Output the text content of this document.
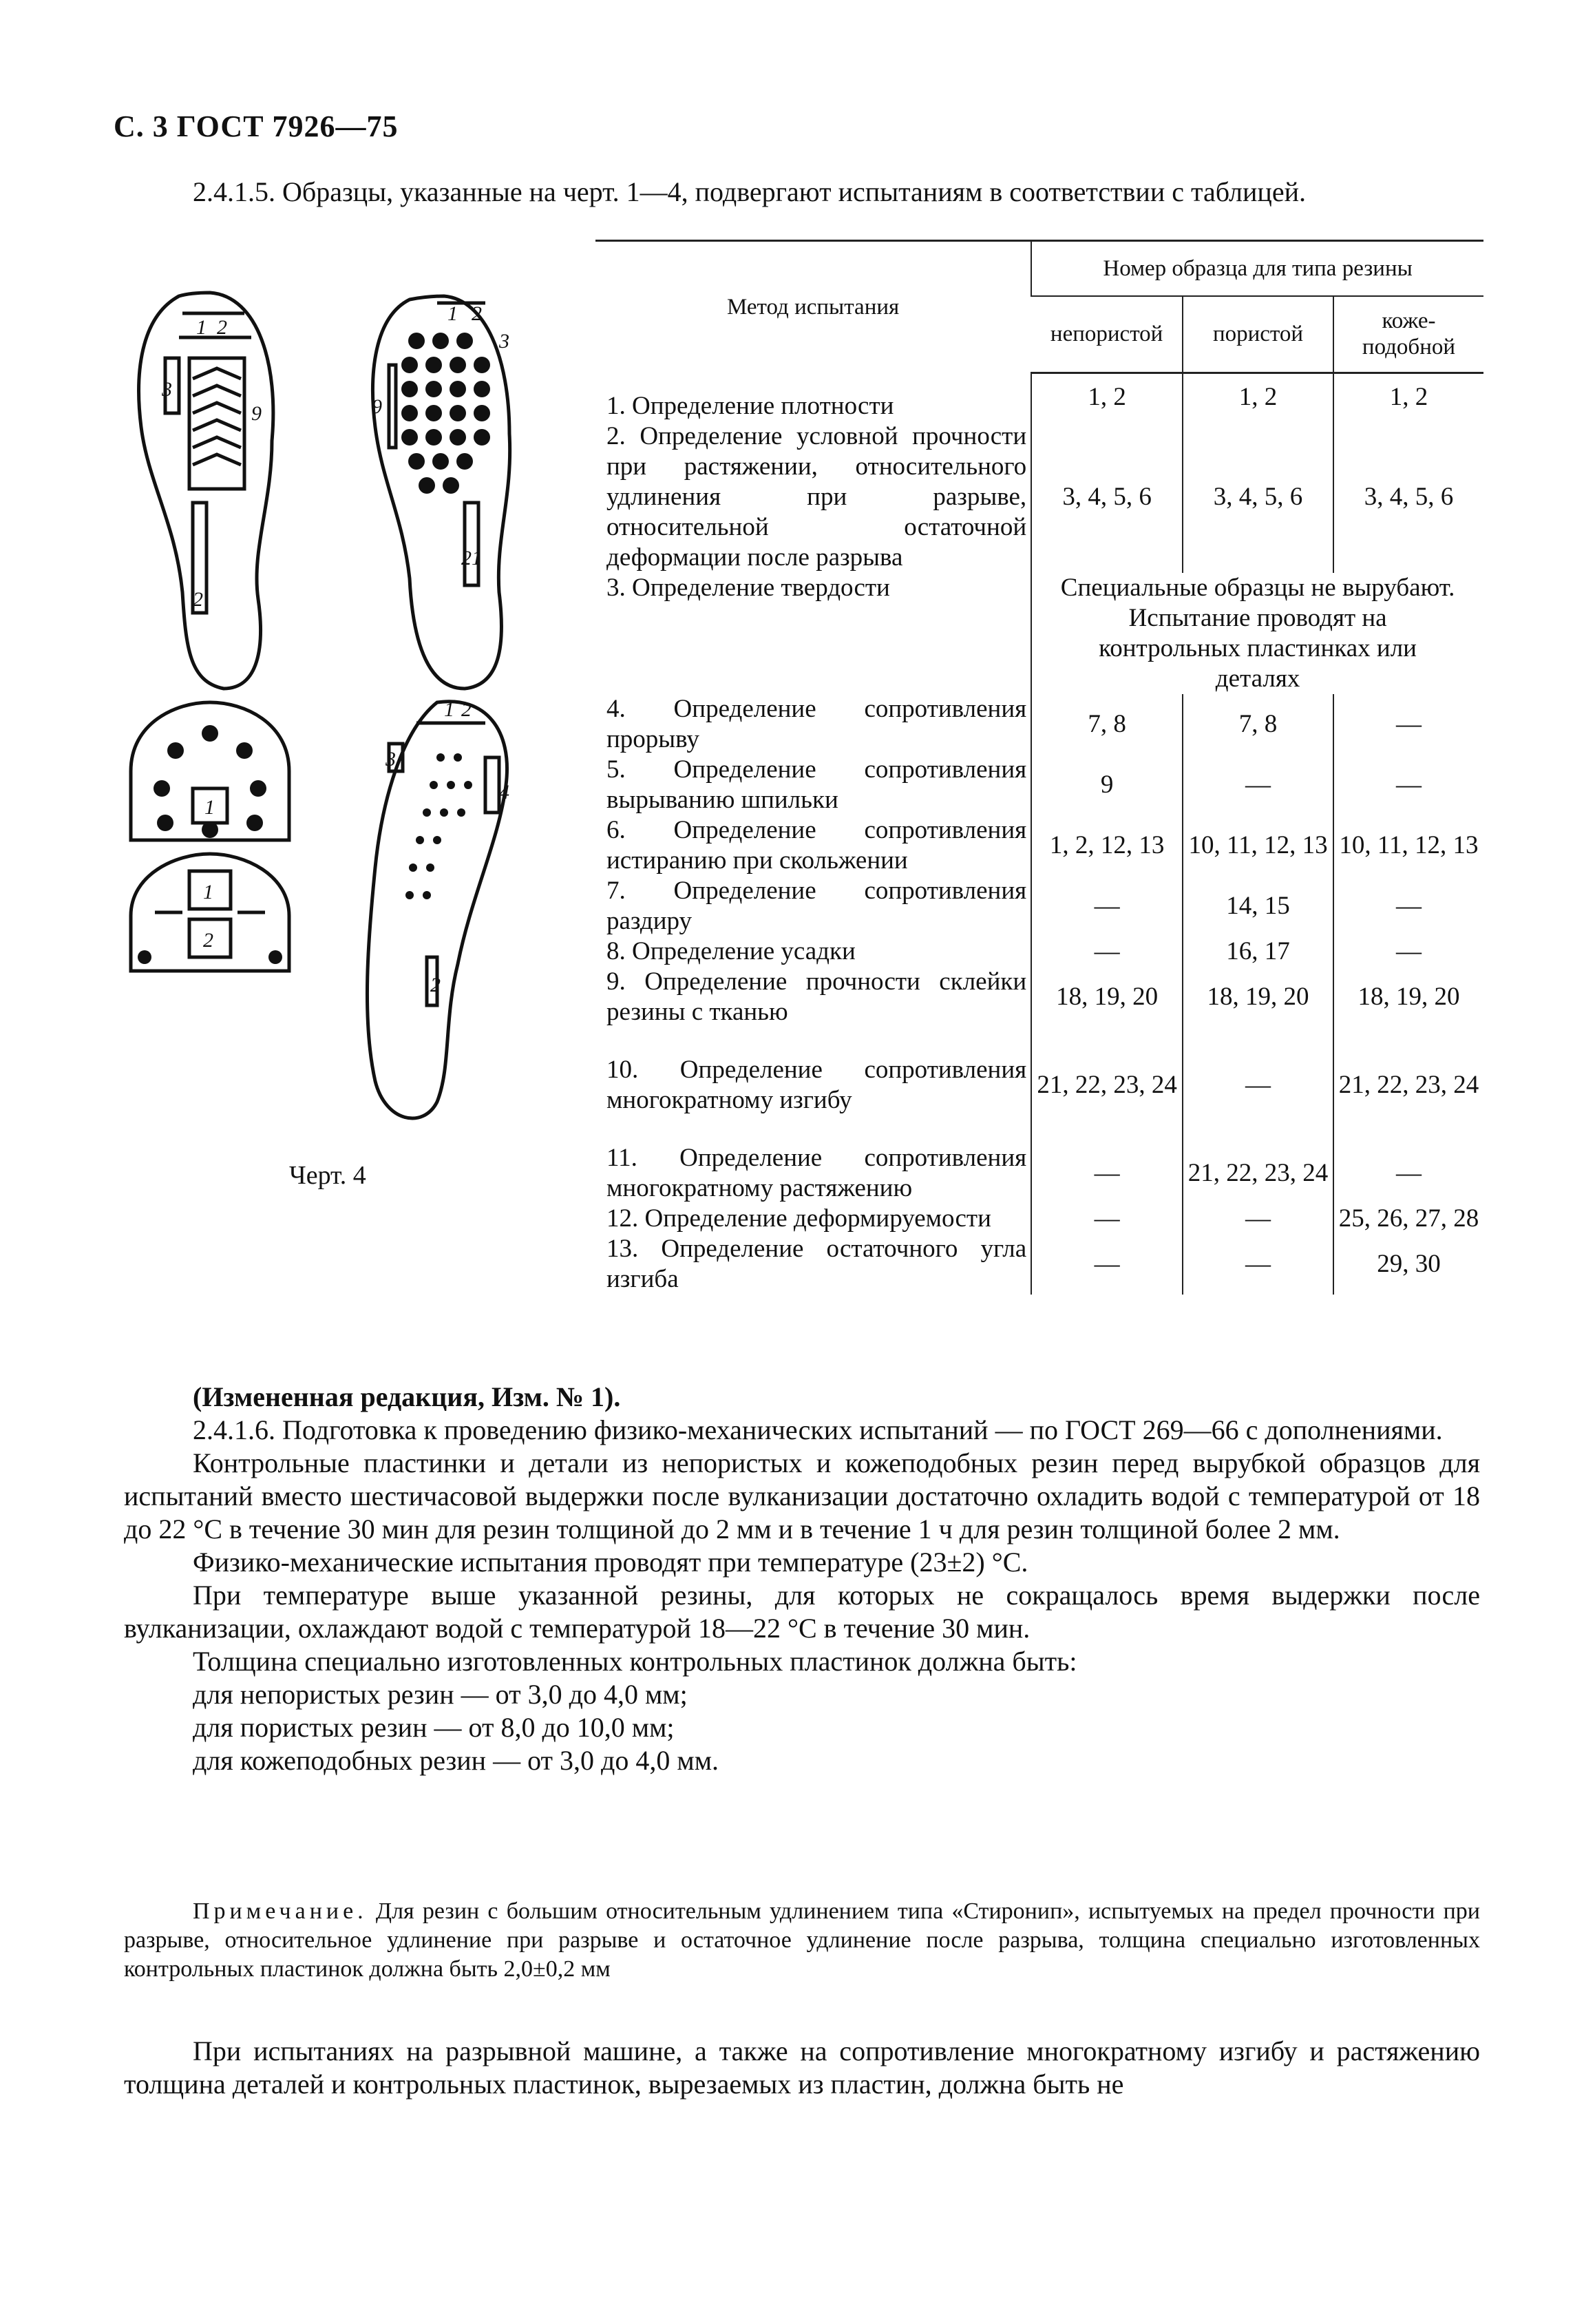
С. 3 ГОСТ 7926—75
2.4.1.5. Образцы, указанные на черт. 1—4, подвергают испытаниям в соответствии с таблицей.
1 2
3
9
2
1 2
3
9
21
1
1
2
1 2
3
4
2
Черт. 4
Метод испытания	Номер образца для типа резины		
	непористой	пористой	коже-
подобной
1. Определение плотности	1, 2	1, 2	1, 2
2. Определение условной прочности при растяжении, относительного удлинения при разрыве, относительной остаточной деформации после разрыва	3, 4, 5, 6	3, 4, 5, 6	3, 4, 5, 6
3. Определение твердости	Специальные образцы не вырубают. Испытание проводят на контрольных пластинках или деталях		
4. Определение сопротивления прорыву	7, 8	7, 8	—
5. Определение сопротивления вырыванию шпильки	9	—	—
6. Определение сопротивления истиранию при скольжении	1, 2, 12, 13	10, 11, 12, 13	10, 11, 12, 13
7. Определение сопротивления раздиру	—	14, 15	—
8. Определение усадки	—	16, 17	—
9. Определение прочности склейки резины с тканью	18, 19, 20	18, 19, 20	18, 19, 20

10. Определение сопротивления многократному изгибу	21, 22, 23, 24	—	21, 22, 23, 24

11. Определение сопротивления многократному растяжению	—	21, 22, 23, 24	—
12. Определение деформируемости	—	—	25, 26, 27, 28
13. Определение остаточного угла изгиба	—	—	29, 30

(Измененная редакция, Изм. № 1).

2.4.1.6. Подготовка к проведению физико-механических испытаний — по ГОСТ 269—66 с дополнениями.

Контрольные пластинки и детали из непористых и кожеподобных резин перед вырубкой образцов для испытаний вместо шестичасовой выдержки после вулканизации достаточно охладить водой с температурой от 18 до 22 °С в течение 30 мин для резин толщиной до 2 мм и в течение 1 ч для резин толщиной более 2 мм.

Физико-механические испытания проводят при температуре (23±2) °С.

При температуре выше указанной резины, для которых не сокращалось время выдержки после вулканизации, охлаждают водой с температурой 18—22 °С в течение 30 мин.

Толщина специально изготовленных контрольных пластинок должна быть:

для непористых резин — от 3,0 до 4,0 мм;

для пористых резин — от 8,0 до 10,0 мм;

для кожеподобных резин — от 3,0 до 4,0 мм.

Примечание. Для резин с большим относительным удлинением типа «Стиронип», испытуемых на предел прочности при разрыве, относительное удлинение при разрыве и остаточное удлинение после разрыва, толщина специально изготовленных контрольных пластинок должна быть 2,0±0,2 мм

При испытаниях на разрывной машине, а также на сопротивление многократному изгибу и растяжению толщина деталей и контрольных пластинок, вырезаемых из пластин, должна быть не
